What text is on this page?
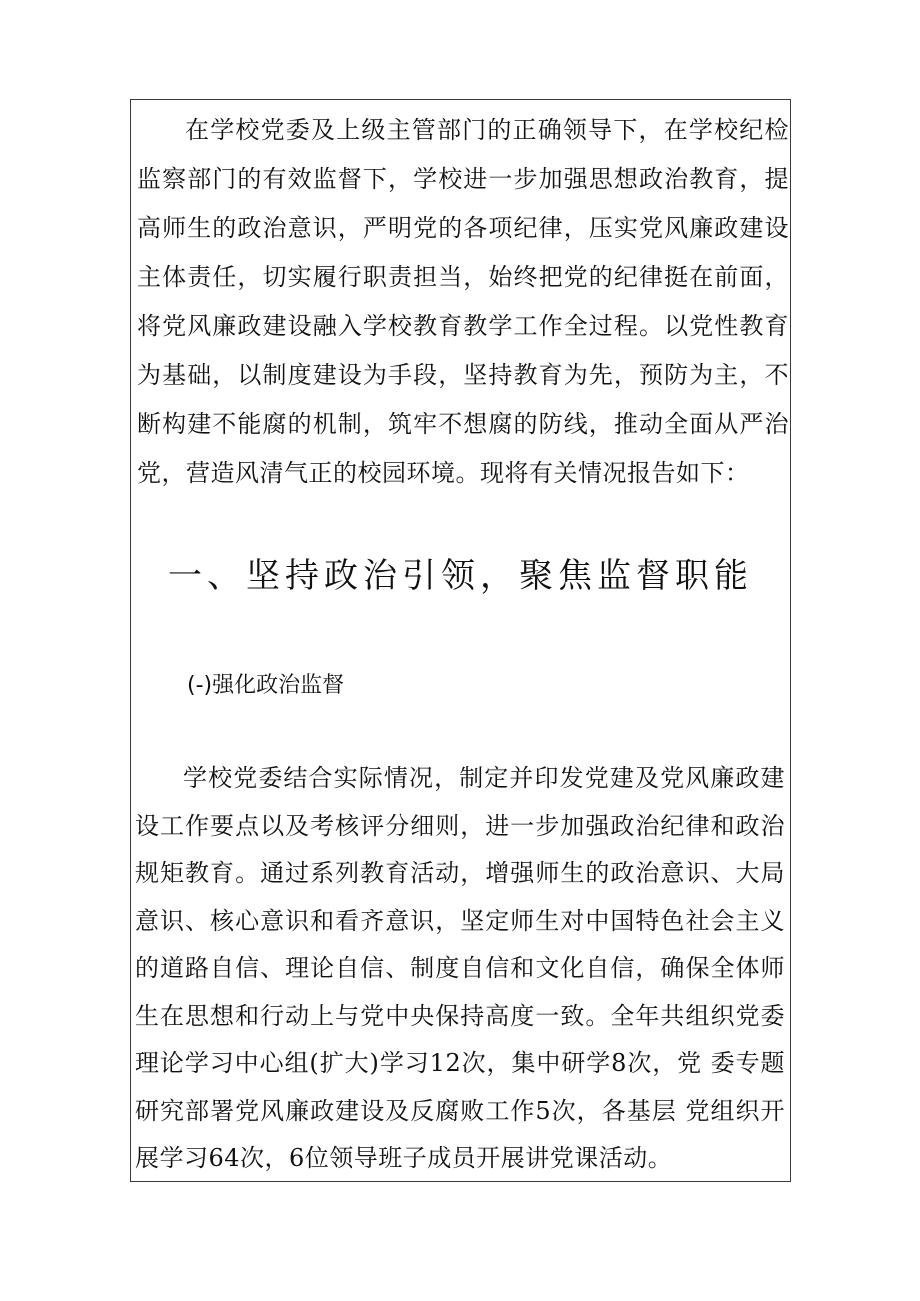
在学校党委及上级主管部门的正确领导下，在学校纪检 监察部门的有效监督下，学校进一步加强思想政治教育，提 高师生的政治意识，严明党的各项纪律，压实党风廉政建设 主体责任，切实履行职责担当，始终把党的纪律挺在前面， 将党风廉政建设融入学校教育教学工作全过程。以党性教育 为基础，以制度建设为手段，坚持教育为先，预防为主，不 断构建不能腐的机制，筑牢不想腐的防线，推动全面从严治 党，营造风清气正的校园环境。现将有关情况报告如下：

一、坚持政治引领，聚焦监督职能
(-)强化政治监督

学校党委结合实际情况，制定并印发党建及党风廉政建 设工作要点以及考核评分细则，进一步加强政治纪律和政治 规矩教育。通过系列教育活动，增强师生的政治意识、大局 意识、核心意识和看齐意识，坚定师生对中国特色社会主义 的道路自信、理论自信、制度自信和文化自信，确保全体师 生在思想和行动上与党中央保持高度一致。全年共组织党委 理论学习中心组(扩大)学习12次，集中研学8次，党 委专题研究部署党风廉政建设及反腐败工作5次，各基层 党组织开展学习64次，6位领导班子成员开展讲党课活动。
